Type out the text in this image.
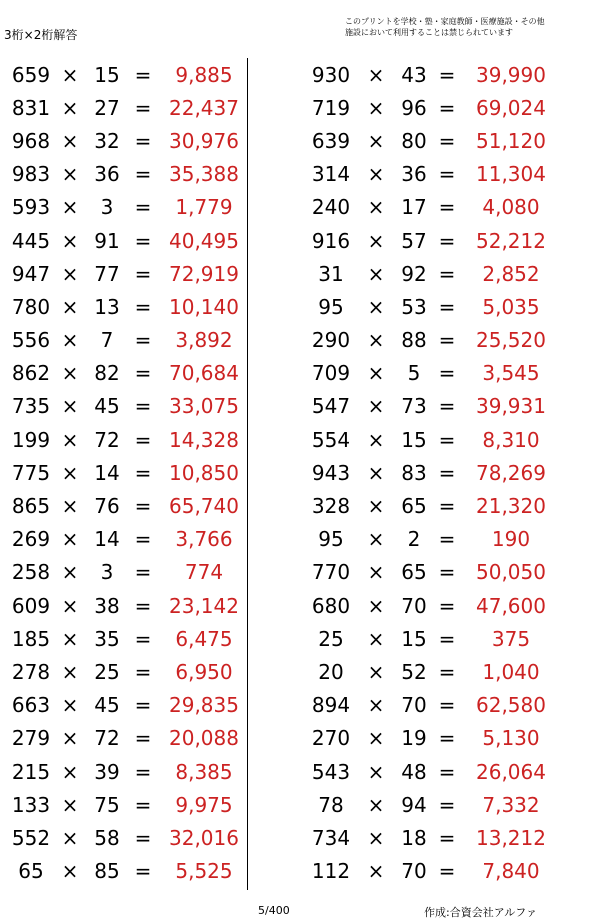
3桁×2桁解答
このプリントを学校・塾・家庭教師・医療施設・その他
施設において利用することは禁じられています
659 × 15 =	9,885
831 × 27 = 22,437
968 × 32 = 30,976
983 × 36 = 35,388
593 ×	3	=	1,779
445 × 91 = 40,495
947 × 77 = 72,919
780 × 13 = 10,140
556 ×	7	=	3,892
862 × 82 = 70,684
735 × 45 = 33,075
199 × 72 = 14,328
775 × 14 = 10,850
865 × 76 = 65,740
269 × 14 =	3,766
258 ×	3	=	774
609 × 38 = 23,142
185 × 35 =	6,475
278 × 25 =	6,950
663 × 45 = 29,835
279 × 72 = 20,088
215 × 39 =	8,385
133 × 75 =	9,975
552 × 58 = 32,016
65 × 85 =	5,525
930 × 43 =	39,990
719 × 96 =	69,024
639 × 80 =	51,120
314 × 36 =	11,304
240 × 17 =	4,080
916 × 57 =	52,212
31	× 92 =	2,852
95	× 53 =	5,035
290 × 88 =	25,520
709 ×	5 =	3,545
547 × 73 =	39,931
554 × 15 =	8,310
943 × 83 =	78,269
328 × 65 =	21,320
95	×	2 =	190
770 × 65 =	50,050
680 × 70 =	47,600
25	× 15 =	375
20	× 52 =	1,040
894 × 70 =	62,580
270 × 19 =	5,130
543 × 48 =	26,064
78	× 94 =	7,332
734 × 18 =	13,212
112 × 70 =	7,840
5/400	作成:合資会社アルファ
